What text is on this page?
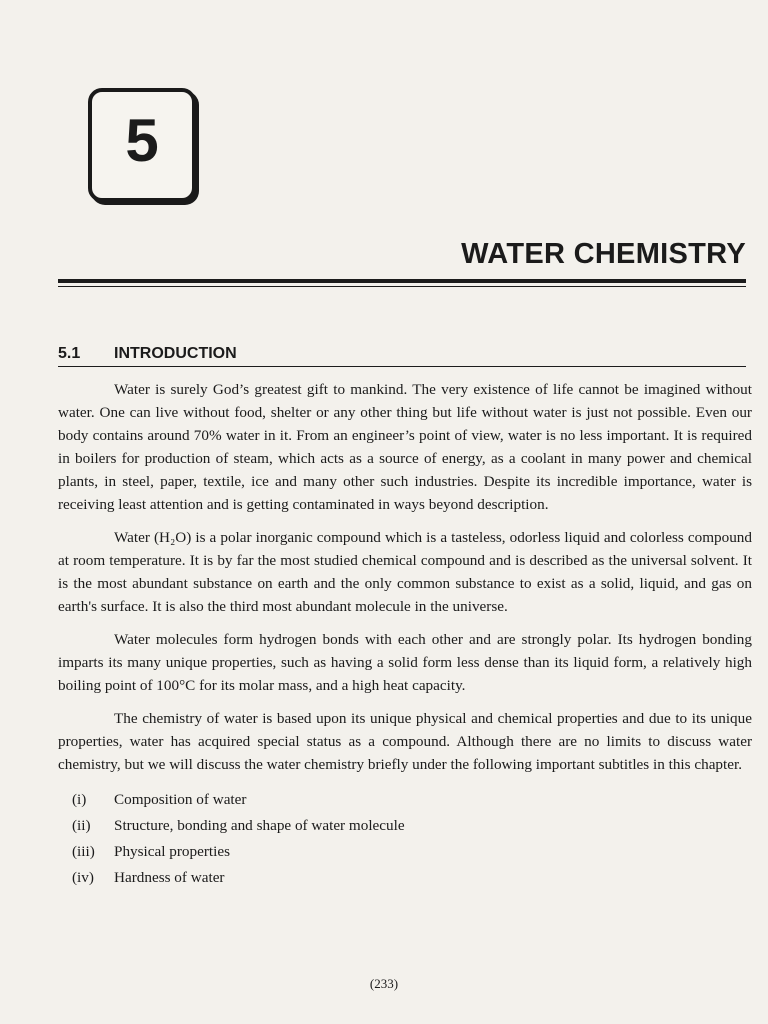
5
WATER CHEMISTRY
5.1 INTRODUCTION

Water is surely God’s greatest gift to mankind. The very existence of life cannot be imagined without water. One can live without food, shelter or any other thing but life without water is just not possible. Even our body contains around 70% water in it. From an engineer’s point of view, water is no less important. It is required in boilers for production of steam, which acts as a source of energy, as a coolant in many power and chemical plants, in steel, paper, textile, ice and many other such industries. Despite its incredible importance, water is receiving least attention and is getting contaminated in ways beyond description.

Water (H₂O) is a polar inorganic compound which is a tasteless, odorless liquid and colorless compound at room temperature. It is by far the most studied chemical compound and is described as the universal solvent. It is the most abundant substance on earth and the only common substance to exist as a solid, liquid, and gas on earth's surface. It is also the third most abundant molecule in the universe.

Water molecules form hydrogen bonds with each other and are strongly polar. Its hydrogen bonding imparts its many unique properties, such as having a solid form less dense than its liquid form, a relatively high boiling point of 100°C for its molar mass, and a high heat capacity.

The chemistry of water is based upon its unique physical and chemical properties and due to its unique properties, water has acquired special status as a compound. Although there are no limits to discuss water chemistry, but we will discuss the water chemistry briefly under the following important subtitles in this chapter.

(i)	Composition of water
(ii)	Structure, bonding and shape of water molecule
(iii)	Physical properties
(iv)	Hardness of water
(233)
